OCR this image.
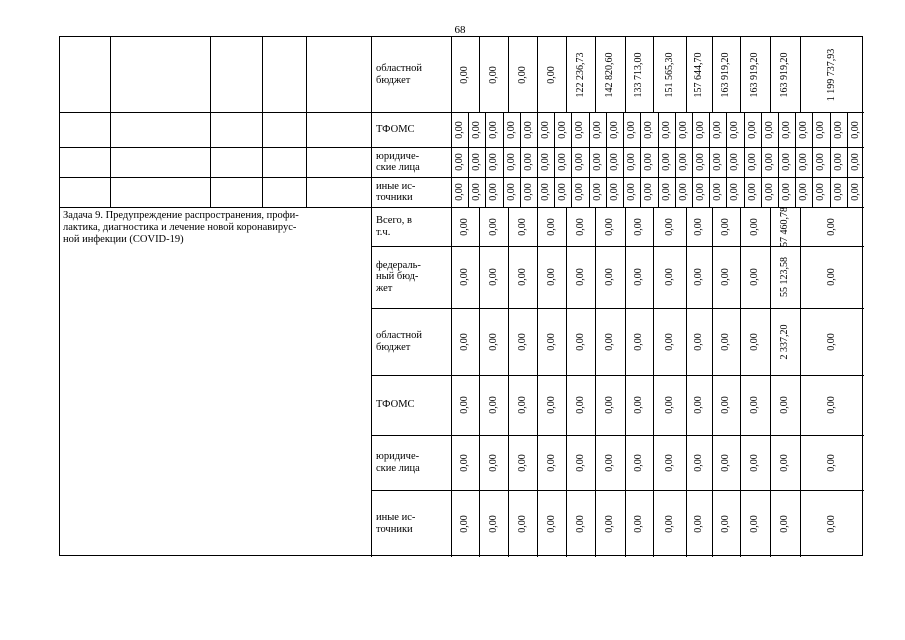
68
Задача 9. Предупреждение распространения, профи-
лактика, диагностика и лечение новой коронавирус-
ной инфекции (COVID-19)
областной
бюджет	0,00 0,00 0,00 0,00 122 236,73 142 820,60 133 713,00 151 565,30 157 644,70 163 919,20 163 919,20 163 919,20	1 199 737,93
ТФОМС	0,00 0,00 0,00 0,00 0,00 0,00 0,00 0,00 0,00 0,00 0,00 0,00 0,00 0,00 0,00 0,00 0,00 0,00 0,00 0,00 0,00 0,00 0,00 0,00
юридиче-
ские лица	0,00 0,00 0,00 0,00 0,00 0,00 0,00 0,00 0,00 0,00 0,00 0,00 0,00 0,00 0,00 0,00 0,00 0,00 0,00 0,00 0,00 0,00 0,00 0,00
иные ис-
точники	0,00 0,00 0,00 0,00 0,00 0,00 0,00 0,00 0,00 0,00 0,00 0,00 0,00 0,00 0,00 0,00 0,00 0,00 0,00 0,00 0,00 0,00 0,00 0,00
Всего, в
т.ч.	0,00 0,00 0,00 0,00 0,00 0,00 0,00 0,00 0,00 0,00 0,00 57 460,78	0,00
федераль-
ный бюд-
жет
0,00 0,00 0,00 0,00 0,00 0,00 0,00 0,00 0,00 0,00 0,00 55 123,58	0,00
областной
бюджет	0,00 0,00 0,00 0,00 0,00 0,00 0,00 0,00 0,00 0,00 0,00 2 337,20	0,00
ТФОМС	0,00 0,00 0,00 0,00 0,00 0,00 0,00 0,00 0,00 0,00 0,00 0,00	0,00
юридиче-
ские лица	0,00 0,00 0,00 0,00 0,00 0,00 0,00 0,00 0,00 0,00 0,00 0,00	0,00
иные ис-
точники	0,00 0,00 0,00 0,00 0,00 0,00 0,00 0,00 0,00 0,00 0,00 0,00	0,00
